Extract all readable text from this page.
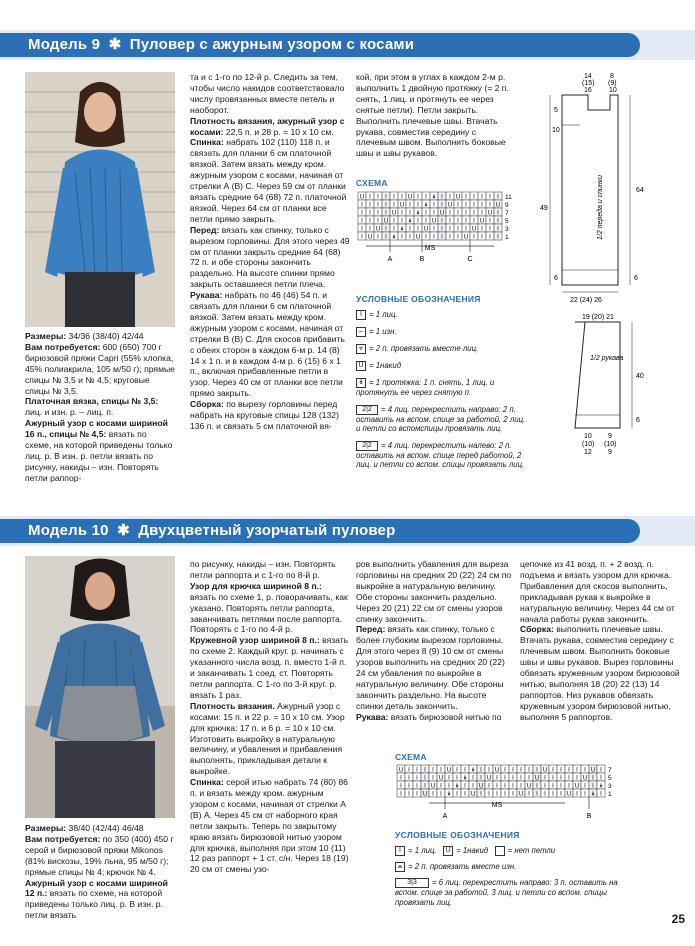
Модель 9 ✱ Пуловер с ажурным узором с косами

Размеры: 34/36 (38/40) 42/44

Вам потребуется: 600 (650) 700 г бирюзовой пряжи Capri (55% хлопка, 45% полиакрила, 105 м/50 г); прямые спицы № 3,5 и № 4,5; круговые спицы № 3,5.

Платочная вязка, спицы № 3,5: лиц. и изн. р. – лиц. п.

Ажурный узор с косами шириной 16 п., спицы № 4,5: вязать по схеме, на которой приведены только лиц. р. В изн. р. петли вязать по рисунку, накиды – изн. Повторять петли раппор-

та и с 1-го по 12-й р. Следить за тем, чтобы число накидов соответствовало числу провязанных вместе петель и наоборот.

Плотность вязания, ажурный узор с косами: 22,5 п. и 28 р. = 10 х 10 см.

Спинка: набрать 102 (110) 118 п. и связать для планки 6 см платочной вязкой. Затем вязать между кром. ажурным узором с косами, начиная от стрелки А (В) С. Через 59 см от планки вязать средние 64 (68) 72 п. платочной вязкой. Через 64 см от планки все петли прямо закрыть.

Перед: вязать как спинку, только с вырезом горловины. Для этого через 49 см от планки закрыть средние 64 (68) 72 п. и обе стороны закончить раздельно. На высоте спинки прямо закрыть оставшиеся петли плеча.

Рукава: набрать по 46 (46) 54 п. и связать для планки 6 см платочной вязкой. Затем вязать между кром. ажурным узором с косами, начиная от стрелки В (В) С. Для скосов прибавить с обеих сторон в каждом 6-м р. 14 (8) 14 х 1 п. и в каждом 4-м р. 6 (15) 6 х 1 п., включая прибавленные петли в узор. Через 40 см от планки все петли прямо закрыть.

Сборка: по вырезу горловины перед набрать на круговые спицы 128 (132) 136 п. и связать 5 см платочной вя-

кой, при этом в углах в каждом 2-м р. выполнить 1 двойную протяжку (= 2 п. снять, 1 лиц. и протянуть ее через снятые петли). Петли закрыть. Выполнить плечевые швы. Втачать рукава, совместив середину с плечевым швом. Выполнить боковые швы и швы рукавов.

СХЕМА
U I I I I I U I I ↡ I I U I I I I I 11
I I I I I U I I ↡ I I U I I I I I U 9
I I I I U I I ↡ I I U I I I I I U I 7
I I I U I I ↡ I I U I I I I I U I I 5
I I U I I ↡ I I U I I I I I U I I I 3
I U I I ↡ I I U I I I I I U I I I I 1
MS
A	B	C
УСЛОВНЫЕ ОБОЗНАЧЕНИЯ
I = 1 лиц.
– = 1 изн.
⩔ = 2 п. провязать вместе лиц.
U = 1накид
↡ = 1 протяжка: 1 п. снять, 1 лиц. и протянуть ее через снятую п.
2|2 = 4 лиц. перекрестить направо: 2 п. оставить на вспом. спице за работой, 2 лиц. и петли со вспомспицы провязать лиц.
2|2 = 4 лиц. перекрестить налево: 2 п. оставить на вспом. спице перед работой, 2 лиц. и петли со вспом. спицы провязать лиц.
14
(15)
16
8
(9)
10
5
10
49
64
6	6
22 (24) 26
1/2 переда и спинки
19 (20) 21
1/2 рукава
40
6
10
(10)
12
9
(10)
9
Модель 10 ✱ Двухцветный узорчатый пуловер

Размеры: 38/40 (42/44) 46/48

Вам потребуется: по 350 (400) 450 г серой и бирюзовой пряжи Mikonos (81% вискозы, 19% льна, 95 м/50 г); прямые спицы № 4; крючок № 4.

Ажурный узор с косами шириной 12 п.: вязать по схеме, на которой приведены только лиц. р. В изн. р. петли вязать

по рисунку, накиды – изн. Повторять петли раппорта и с 1-го по 8-й р.

Узор для крючка шириной 8 п.: вязать по схеме 1, р. поворачивать, как указано. Повторять петли раппорта, заканчивать петлями после раппорта. Повторять с 1-го по 4-й р.

Кружевной узор шириной 8 п.: вязать по схеме 2. Каждый круг. р. начинать с указанного числа возд. п. вместо 1-й п. и заканчивать 1 соед. ст. Повторять петли раппорта. С 1-го по 3-й круг. р. вязать 1 раз.

Плотность вязания. Ажурный узор с косами: 15 п. и 22 р. = 10 х 10 см. Узор для крючка: 17 п. и 6 р. = 10 х 10 см. Изготовить выкройку в натуральную величину, и убавления и прибавления выполнять, прикладывая детали к выкройке.

Спинка: серой итью набрать 74 (80) 86 п. и вязать между кром. ажурным узором с косами, начиная от стрелки А (В) А. Через 45 см от наборного края петли закрыть. Теперь по закрытому краю вязать бирюзовой нитью узором для крючка, выполняя при этом 10 (11) 12 раз раппорт + 1 ст. с/н. Через 18 (19) 20 см от смены узо-

ров выполнить убавления для выреза горловины на средних 20 (22) 24 см по выкройке в натуральную величину. Обе стороны закончить раздельно. Через 20 (21) 22 см от смены узоров спинку закончить.

Перед: вязать как спинку, только с более глубоким вырезом горловины. Для этого через 8 (9) 10 см от смены узоров выполнить на средних 20 (22) 24 см убавления по выкройке в натуральную величину. Обе стороны закончить раздельно. На высоте спинки деталь закончить.

Рукава: вязать бирюзовой нитью по

цепочке из 41 возд. п. + 2 возд. п. подъема и вязать узором для крючка. Прибавления для скосов выполнить, прикладывая рукав к выкройке в натуральную величину. Через 44 см от начала работы рукав закончить.

Сборка: выполнить плечевые швы. Втачать рукава, совместив середину с плечевым швом. Выполнить боковые швы и швы рукавов. Вырез горловины обвязать кружевным узором бирюзовой нитью, выполняя 18 (20) 22 (13) 14 раппортов. Низ рукавов обвязать кружевным узором бирюзовой нитью, выполняя 5 раппортов.

СХЕМА
U I I I I I U I I ↡ I I U I I I I I U I I I I I U I 7
I I I I I U I I ↡ I I U I I I I I U I I I I I U I I 5
I I I I U I I ↡ I I U I I I I I U I I I I I U I I ↡ 3
I I I U I I ↡ I I U I I I I I U I I I I I U I I ↡ I 1
MS
A	B
УСЛОВНЫЕ ОБОЗНАЧЕНИЯ
I = 1 лиц. U = 1накид	= нет петли
⩕ = 2 п. провязать вместе изн.
3|3 = 6 лиц. перекрестить направо: 3 п. оставить на вспом. спице за работой, 3 лиц. и петли со вспом. спицы провязать лиц.
25
